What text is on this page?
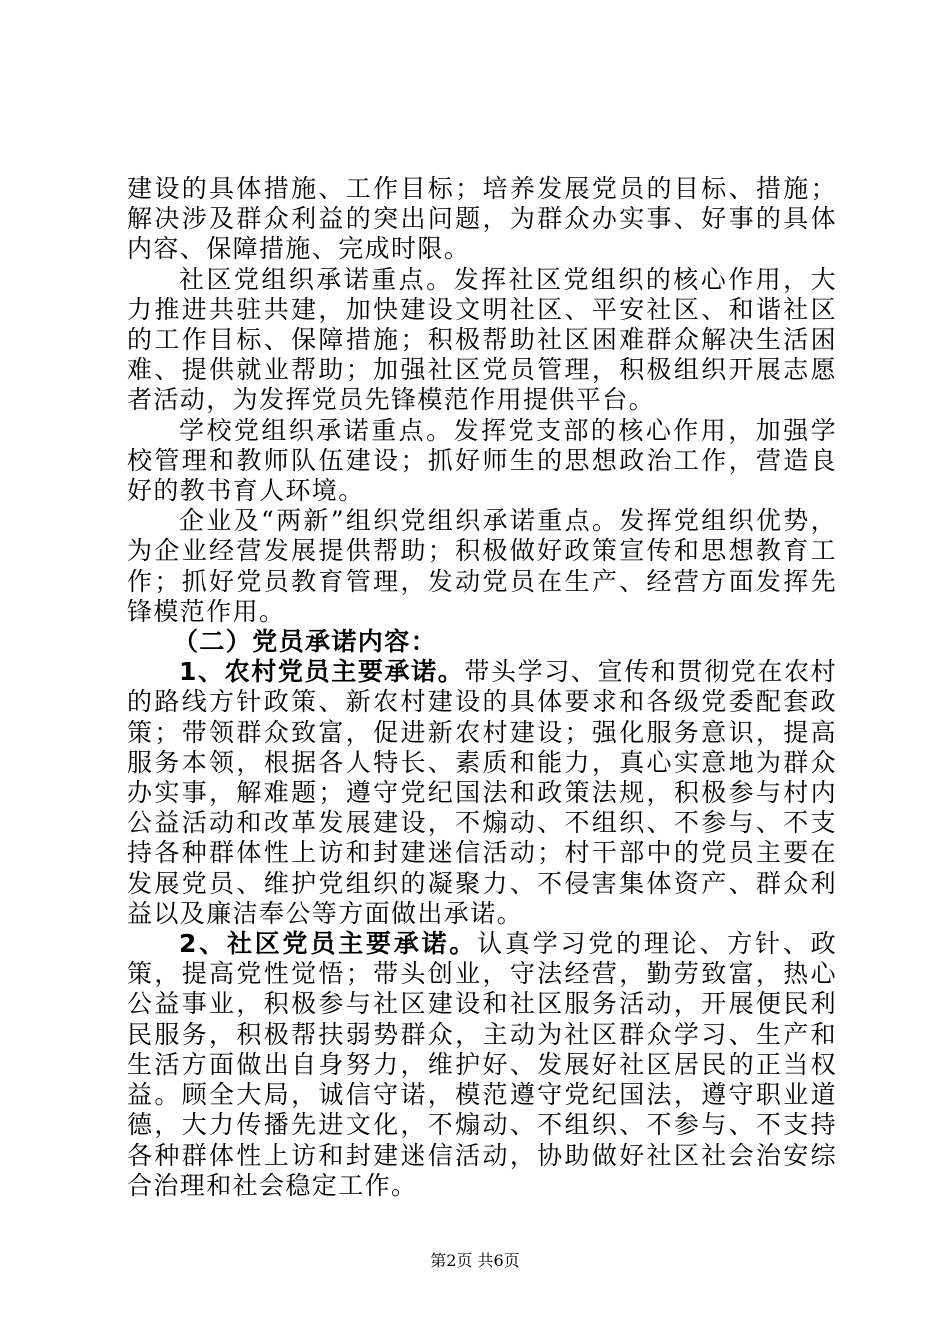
建设的具体措施、工作目标；培养发展党员的目标、措施；解决涉及群众利益的突出问题，为群众办实事、好事的具体内容、保障措施、完成时限。

社区党组织承诺重点。发挥社区党组织的核心作用，大力推进共驻共建，加快建设文明社区、平安社区、和谐社区的工作目标、保障措施；积极帮助社区困难群众解决生活困难、提供就业帮助；加强社区党员管理，积极组织开展志愿者活动，为发挥党员先锋模范作用提供平台。

学校党组织承诺重点。发挥党支部的核心作用，加强学校管理和教师队伍建设；抓好师生的思想政治工作，营造良好的教书育人环境。

企业及“两新”组织党组织承诺重点。发挥党组织优势，为企业经营发展提供帮助；积极做好政策宣传和思想教育工作；抓好党员教育管理，发动党员在生产、经营方面发挥先锋模范作用。

（二）党员承诺内容：

1、农村党员主要承诺。带头学习、宣传和贯彻党在农村的路线方针政策、新农村建设的具体要求和各级党委配套政策；带领群众致富，促进新农村建设；强化服务意识，提高服务本领，根据各人特长、素质和能力，真心实意地为群众办实事，解难题；遵守党纪国法和政策法规，积极参与村内公益活动和改革发展建设，不煽动、不组织、不参与、不支持各种群体性上访和封建迷信活动；村干部中的党员主要在发展党员、维护党组织的凝聚力、不侵害集体资产、群众利益以及廉洁奉公等方面做出承诺。

2、社区党员主要承诺。认真学习党的理论、方针、政策，提高党性觉悟；带头创业，守法经营，勤劳致富，热心公益事业，积极参与社区建设和社区服务活动，开展便民利民服务，积极帮扶弱势群众，主动为社区群众学习、生产和生活方面做出自身努力，维护好、发展好社区居民的正当权益。顾全大局，诚信守诺，模范遵守党纪国法，遵守职业道德，大力传播先进文化，不煽动、不组织、不参与、不支持各种群体性上访和封建迷信活动，协助做好社区社会治安综合治理和社会稳定工作。

第2页 共6页
